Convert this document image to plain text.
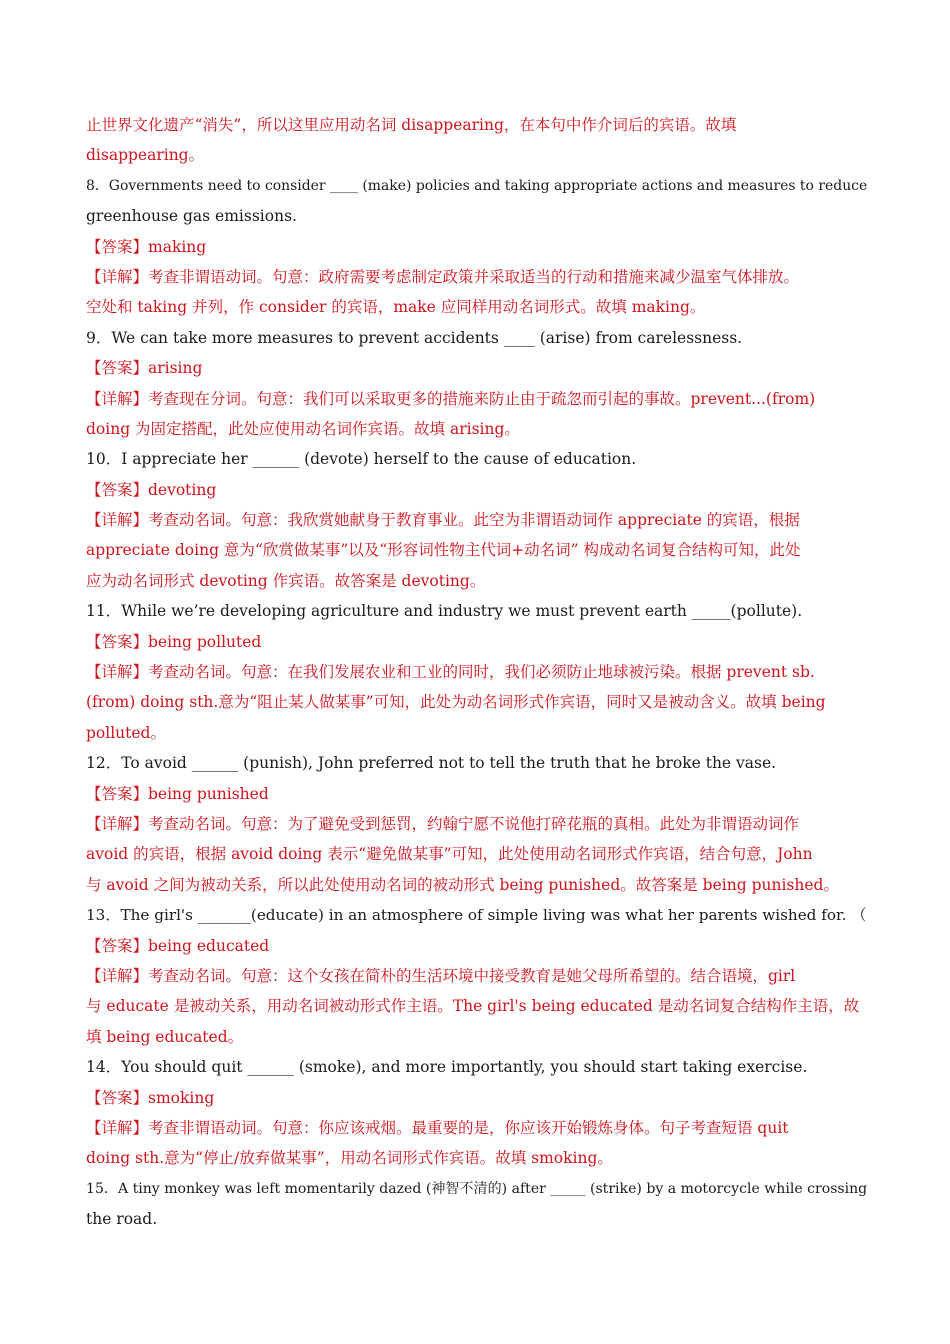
止世界文化遗产“消失”，所以这里应用动名词 disappearing，在本句中作介词后的宾语。故填
disappearing。
8．Governments need to consider ____ (make) policies and taking appropriate actions and measures to reduce
greenhouse gas emissions.
【答案】making
【详解】考查非谓语动词。句意：政府需要考虑制定政策并采取适当的行动和措施来减少温室气体排放。
空处和 taking 并列，作 consider 的宾语，make 应同样用动名词形式。故填 making。
9．We can take more measures to prevent accidents ____ (arise) from carelessness.
【答案】arising
【详解】考查现在分词。句意：我们可以采取更多的措施来防止由于疏忽而引起的事故。prevent...(from)
doing 为固定搭配，此处应使用动名词作宾语。故填 arising。
10．I appreciate her ______ (devote) herself to the cause of education.
【答案】devoting
【详解】考查动名词。句意：我欣赏她献身于教育事业。此空为非谓语动词作 appreciate 的宾语，根据
appreciate doing 意为“欣赏做某事”以及“形容词性物主代词+动名词” 构成动名词复合结构可知，此处
应为动名词形式 devoting 作宾语。故答案是 devoting。
11．While we’re developing agriculture and industry we must prevent earth _____(pollute).
【答案】being polluted
【详解】考查动名词。句意：在我们发展农业和工业的同时，我们必须防止地球被污染。根据 prevent sb.
(from) doing sth.意为“阻止某人做某事”可知，此处为动名词形式作宾语，同时又是被动含义。故填 being
polluted。
12．To avoid ______ (punish), John preferred not to tell the truth that he broke the vase.
【答案】being punished
【详解】考查动名词。句意：为了避免受到惩罚，约翰宁愿不说他打碎花瓶的真相。此处为非谓语动词作
avoid 的宾语，根据 avoid doing 表示“避免做某事”可知，此处使用动名词形式作宾语，结合句意，John
与 avoid 之间为被动关系，所以此处使用动名词的被动形式 being punished。故答案是 being punished。
13．The girl's _______(educate) in an atmosphere of simple living was what her parents wished for. （
【答案】being educated
【详解】考查动名词。句意：这个女孩在简朴的生活环境中接受教育是她父母所希望的。结合语境，girl
与 educate 是被动关系，用动名词被动形式作主语。The girl's being educated 是动名词复合结构作主语，故
填 being educated。
14．You should quit ______ (smoke), and more importantly, you should start taking exercise.
【答案】smoking
【详解】考查非谓语动词。句意：你应该戒烟。最重要的是，你应该开始锻炼身体。句子考查短语 quit
doing sth.意为“停止/放弃做某事”，用动名词形式作宾语。故填 smoking。
15．A tiny monkey was left momentarily dazed (神智不清的) after _____ (strike) by a motorcycle while crossing
the road.
